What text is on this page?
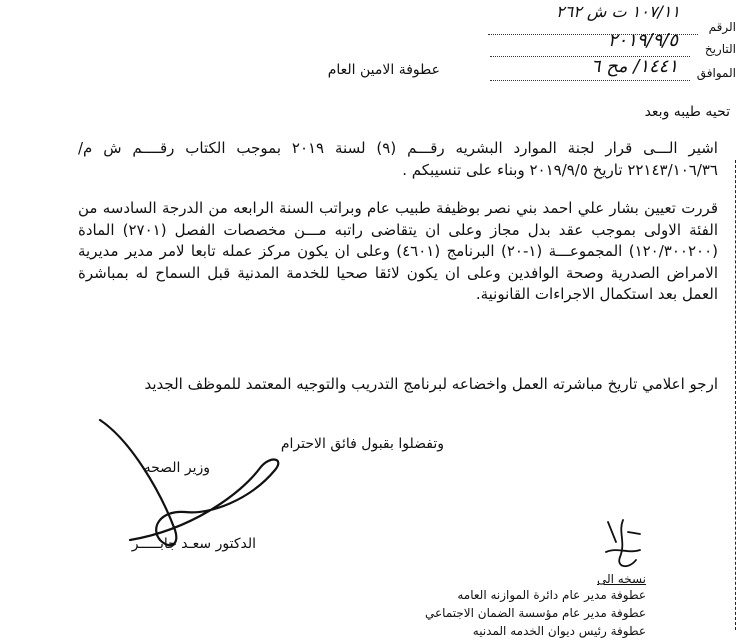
الرقم
١٠٧/١١ ت ش ٢٦٢
التاريخ
٢٠١٩/٩/٥
الموافق
١٤٤١/ مح ٦
عطوفة الامين العام
تحيه طيبه وبعد
اشير الـــى قرار لجنة الموارد البشريه رقـــم (٩) لسنة ٢٠١٩ بموجب الكتاب رقــــم ش م/٢٢١٤٣/١٠٦/٣٦ تاريخ ٢٠١٩/٩/٥ وبناء على تنسيبكم .
قررت تعيين بشار علي احمد بني نصر بوظيفة طبيب عام وبراتب السنة الرابعه من الدرجة السادسه من الفئة الاولى بموجب عقد بدل مجاز وعلى ان يتقاضى راتبه مـــن مخصصات الفصل (٢٧٠١) المادة (١٢٠/٣٠٠٢٠٠) المجموعـــة (١-٢٠) البرنامج (٤٦٠١) وعلى ان يكون مركز عمله تابعا لامر مدير مديرية الامراض الصدرية وصحة الوافدين وعلى ان يكون لائقا صحيا للخدمة المدنية قبل السماح له بمباشرة العمل بعد استكمال الاجراءات القانونية.
ارجو اعلامي تاريخ مباشرته العمل واخضاعه لبرنامج التدريب والتوجيه المعتمد للموظف الجديد
وتفضلوا بقبول فائق الاحترام
وزير الصحه
الدكتور سعـد جابـــــر
نسخه الى
عطوفة مدير عام دائرة الموازنه العامه
عطوفة مدير عام مؤسسة الضمان الاجتماعي
عطوفة رئيس ديوان الخدمه المدنيه
